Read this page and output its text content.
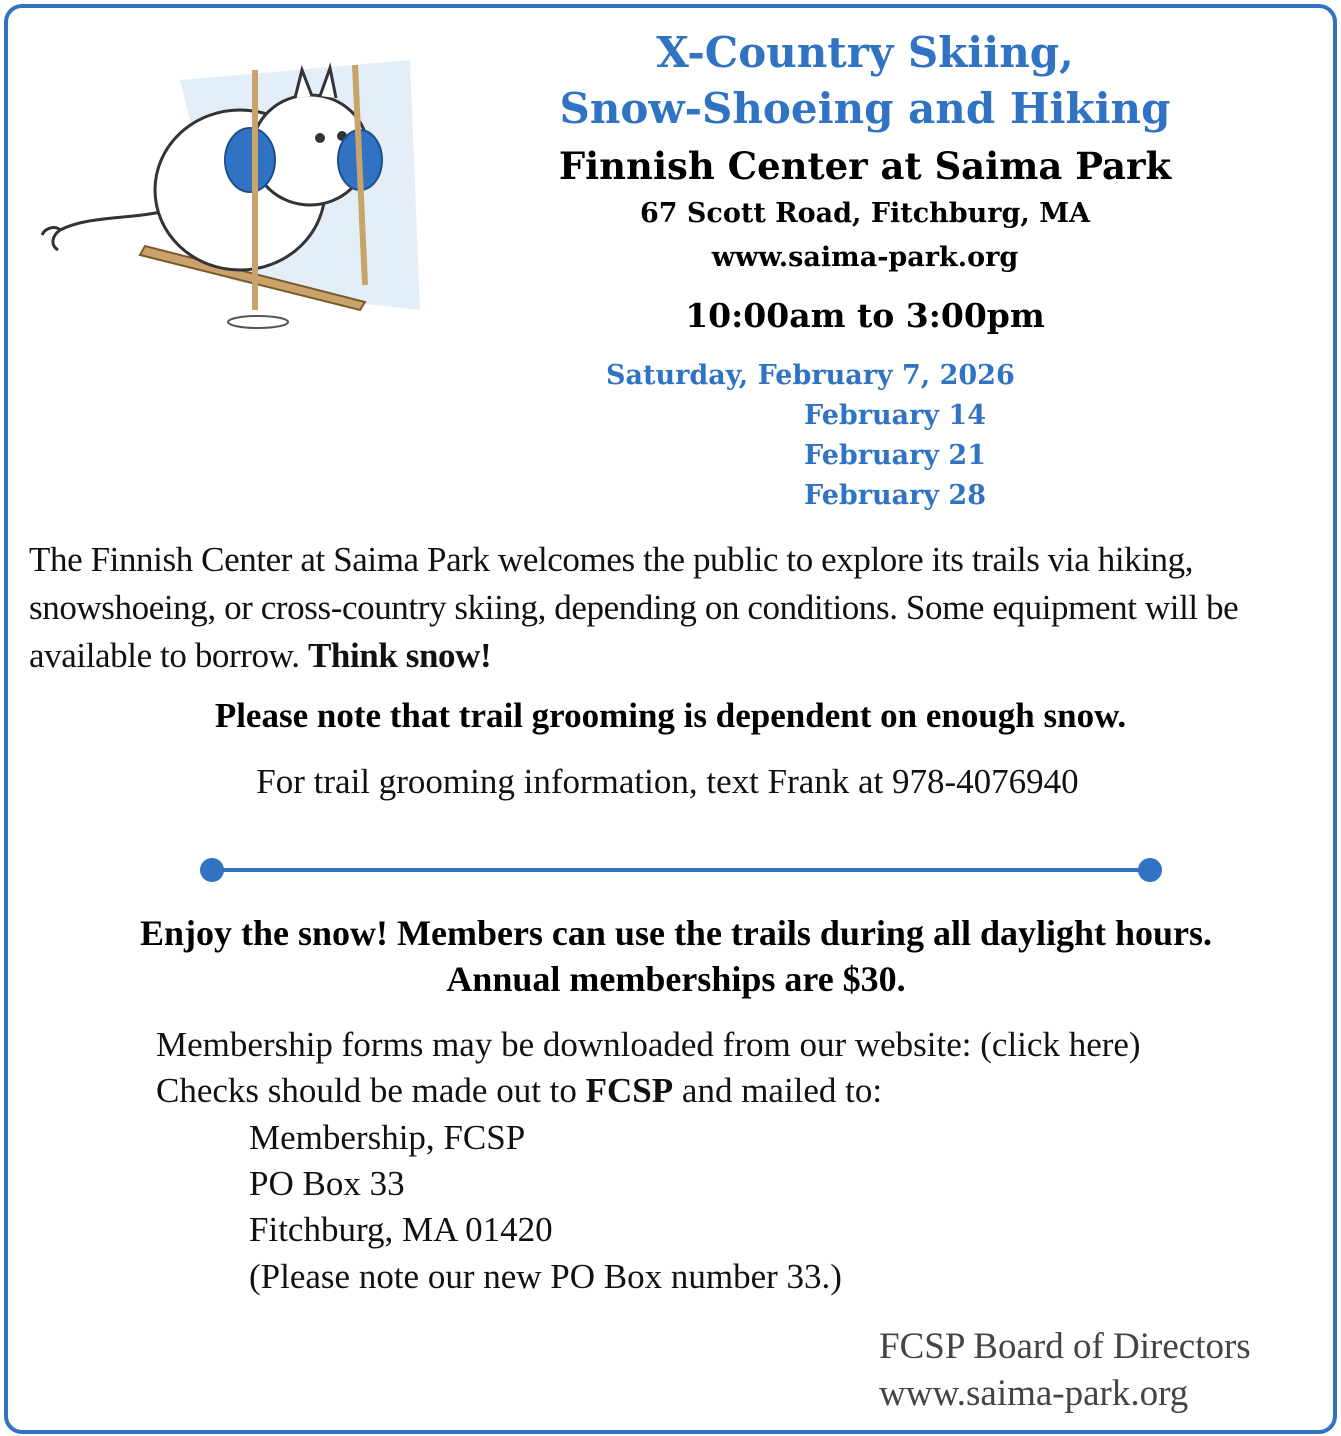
X-Country Skiing,
Snow-Shoeing and Hiking
Finnish Center at Saima Park
67 Scott Road, Fitchburg, MA
www.saima-park.org
10:00am to 3:00pm
Saturday, February 7, 2026
February 14
February 21
February 28
The Finnish Center at Saima Park welcomes the public to explore its trails via hiking, snowshoeing, or cross-country skiing, depending on conditions. Some equipment will be available to borrow. Think snow!
Please note that trail grooming is dependent on enough snow.
For trail grooming information, text Frank at 978-4076940
Enjoy the snow! Members can use the trails during all daylight hours.
Annual memberships are $30.
Membership forms may be downloaded from our website: (click here)
Checks should be made out to FCSP and mailed to:
Membership, FCSP
PO Box 33
Fitchburg, MA 01420
(Please note our new PO Box number 33.)
FCSP Board of Directors
www.saima-park.org
